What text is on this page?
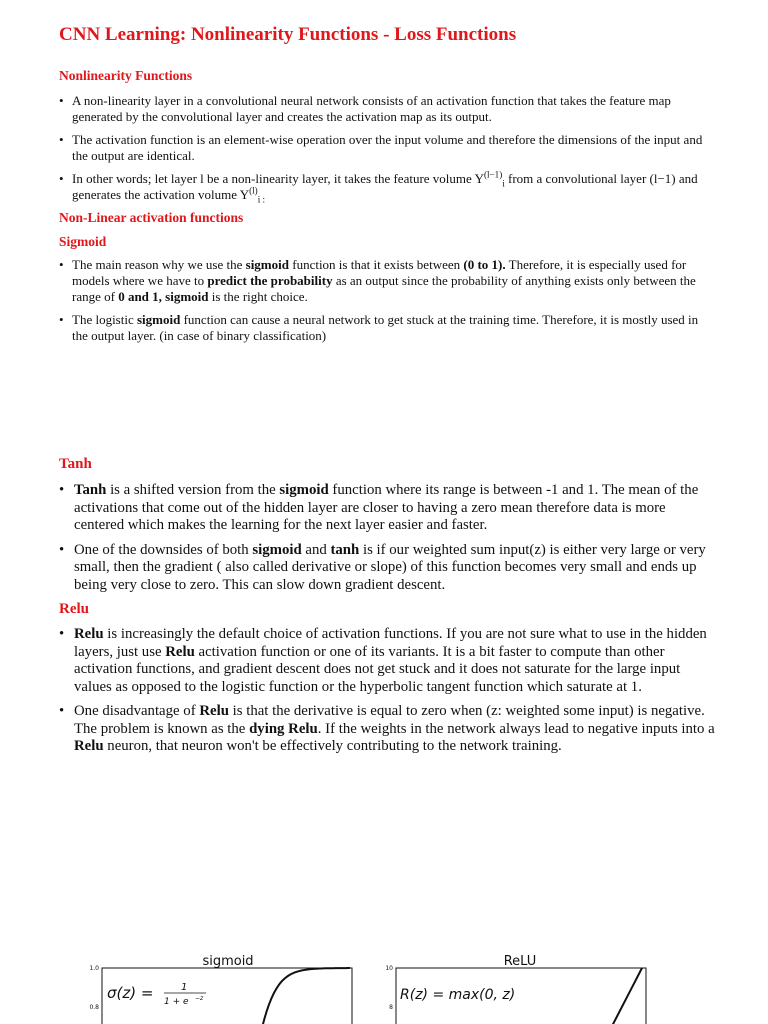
CNN Learning: Nonlinearity Functions - Loss Functions
Nonlinearity Functions
• A non-linearity layer in a convolutional neural network consists of an activation function that takes the feature map generated by the convolutional layer and creates the activation map as its output.
• The activation function is an element-wise operation over the input volume and therefore the dimensions of the input and the output are identical.
• In other words; let layer l be a non-linearity layer, it takes the feature volume $Y^{(l-1)}_i$ from a convolutional layer (l−1) and generates the activation volume $Y^{(l)}_{i :}$
Non-Linear activation functions
Sigmoid
• The main reason why we use the sigmoid function is that it exists between (0 to 1). Therefore, it is especially used for models where we have to predict the probability as an output since the probability of anything exists only between the range of 0 and 1, sigmoid is the right choice.
• The logistic sigmoid function can cause a neural network to get stuck at the training time. Therefore, it is mostly used in the output layer. (in case of binary classification)
Tanh
• Tanh is a shifted version from the sigmoid function where its range is between -1 and 1. The mean of the activations that come out of the hidden layer are closer to having a zero mean therefore data is more centered which makes the learning for the next layer easier and faster.
• One of the downsides of both sigmoid and tanh is if our weighted sum input(z) is either very large or very small, then the gradient ( also called derivative or slope) of this function becomes very small and ends up being very close to zero. This can slow down gradient descent.
Relu
• Relu is increasingly the default choice of activation functions. If you are not sure what to use in the hidden layers, just use Relu activation function or one of its variants. It is a bit faster to compute than other activation functions, and gradient descent does not get stuck and it does not saturate for the large input values as opposed to the logistic function or the hyperbolic tangent function which saturate at 1.
• One disadvantage of Relu is that the derivative is equal to zero when (z: weighted some input) is negative. The problem is known as the dying Relu. If the weights in the network always lead to negative inputs into a Relu neuron, that neuron won't be effectively contributing to the network training.
sigmoid
1.0
0.8
σ(z) =	1
1 + e −z
ReLU
10
8
R(z) = max(0, z)
